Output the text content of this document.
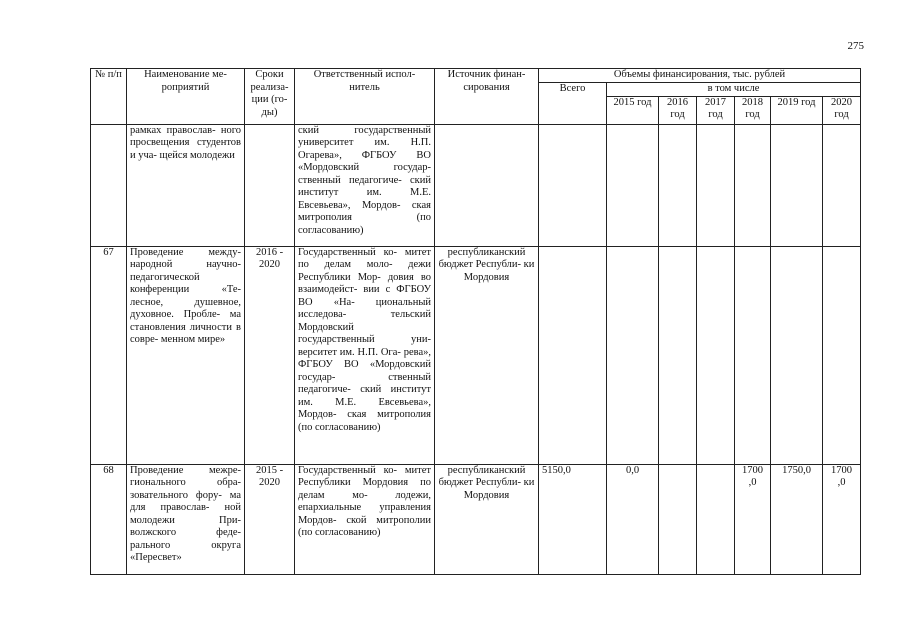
275
№ п/п	Наименование ме- роприятий	Сроки реализа- ции (го- ды)	Ответственный испол- нитель	Источник финан- сирования	Объемы финансирования, тыс. рублей						
					Всего	в том числе					
						2015 год	2016 год	2017 год	2018 год	2019 год	2020 год
	рамках православ- ного просвещения студентов и уча- щейся молодежи		ский государственный университет им. Н.П. Огарева», ФГБОУ ВО «Мордовский государ- ственный педагогиче- ский институт им. М.Е. Евсевьева», Мордов- ская митрополия (по согласованию)								
67	Проведение между- народной научно- педагогической конференции «Те- лесное, душевное, духовное. Пробле- ма становления личности в совре- менном мире»	2016 - 2020	Государственный ко- митет по делам моло- дежи Республики Мор- довия во взаимодейст- вии с ФГБОУ ВО «На- циональный исследова- тельский Мордовский государственный уни- верситет им. Н.П. Ога- рева», ФГБОУ ВО «Мордовский государ- ственный педагогиче- ский институт им. М.Е. Евсевьева», Мордов- ская митрополия (по согласованию)	республиканский бюджет Республи- ки Мордовия							
68	Проведение межре- гионального обра- зовательного фору- ма для православ- ной молодежи При- волжского феде- рального округа «Пересвет»	2015 - 2020	Государственный ко- митет Республики Мордовия по делам мо- лодежи, епархиальные управления Мордов- ской митрополии (по согласованию)	республиканский бюджет Республи- ки Мордовия	5150,0	0,0			1700 ,0	1750,0	1700 ,0
